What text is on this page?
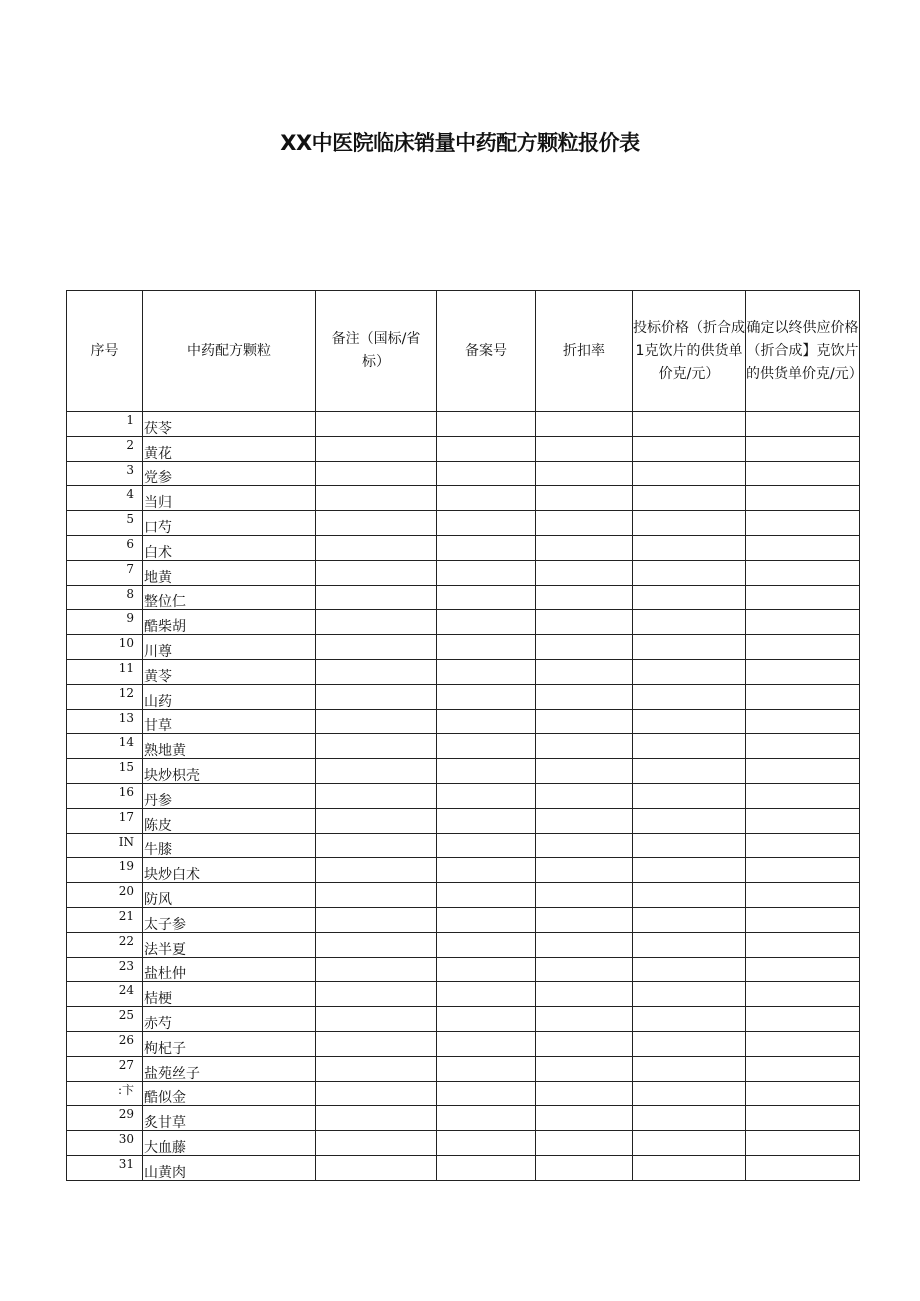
XX中医院临床销量中药配方颗粒报价表
序号	中药配方颗粒	备注（国标/省标）	备案号	折扣率	投标价格（折合成1克饮片的供货单价克/元）	确定以终供应价格（折合成】克饮片的供货单价克/元）
1	茯苓					
2	黄花					
3	党参					
4	当归					
5	口芍					
6	白术					
7	地黄					
8	整位仁					
9	酷柴胡					
10	川尊					
11	黄苓					
12	山药					
13	甘草					
14	熟地黄					
15	块炒枳壳					
16	丹参					
17	陈皮					
IN	牛膝					
19	块炒白术					
20	防风					
21	太子参					
22	法半夏					
23	盐杜仲					
24	桔梗					
25	赤芍					
26	枸杞子					
27	盐苑丝子					
:卞	酷似金					
29	炙甘草					
30	大血藤					
31	山黄肉					
